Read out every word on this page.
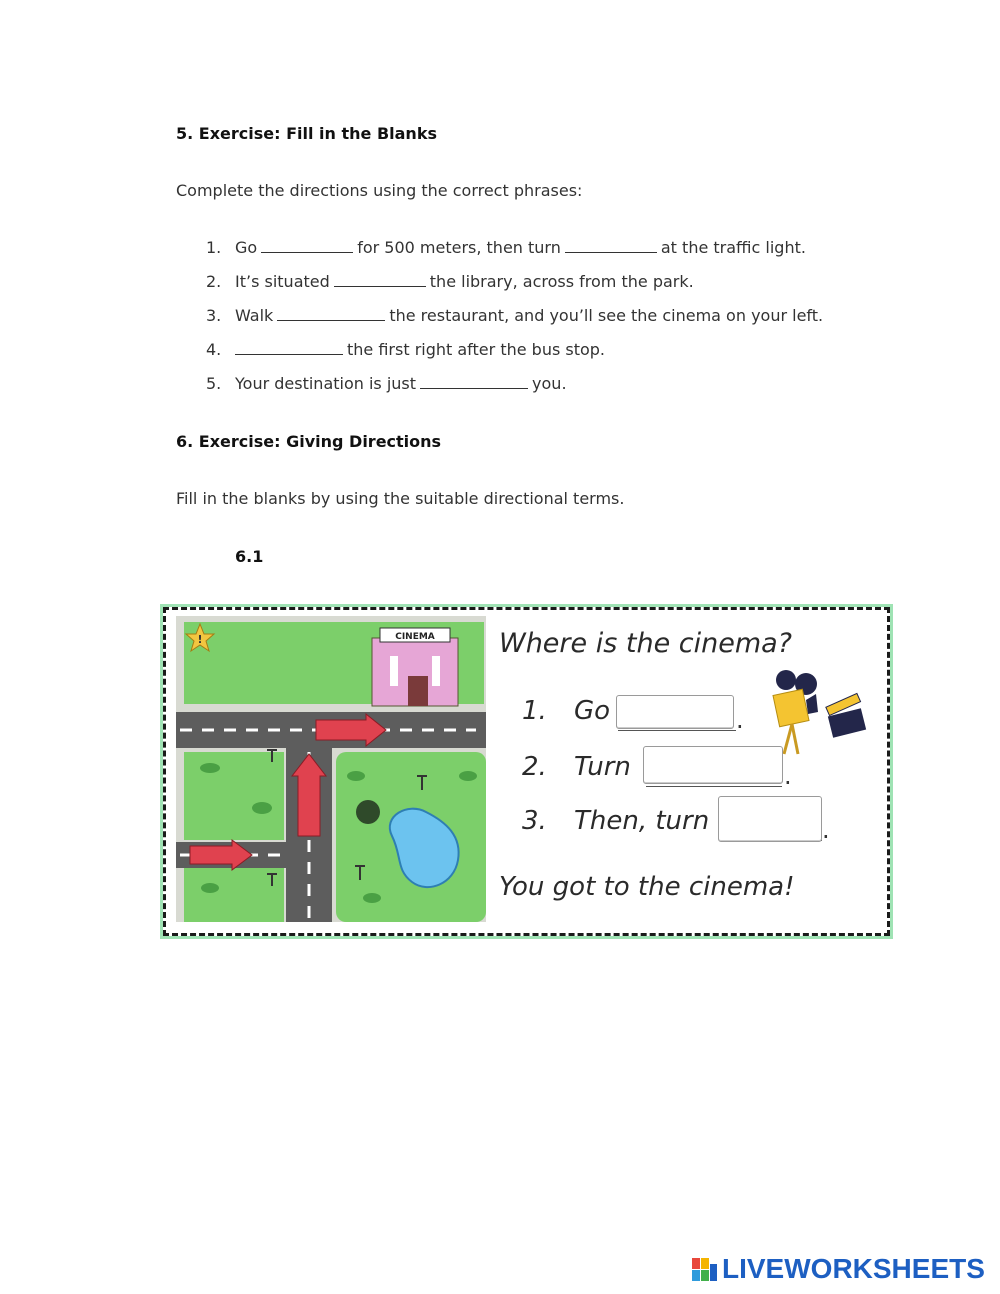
5. Exercise: Fill in the Blanks
Complete the directions using the correct phrases:
1. Go	for 500 meters, then turn	at the traffic light.
2. It’s situated	the library, across from the park.
3. Walk	the restaurant, and you’ll see the cinema on your left.
4.	the first right after the bus stop.
5. Your destination is just	you.
6. Exercise: Giving Directions
Fill in the blanks by using the suitable directional terms.
6.1
CINEMA
!	Where is the cinema?
1. Go	.
2. Turn	.
3. Then, turn	.
You got to the cinema!
LIVEWORKSHEETS
